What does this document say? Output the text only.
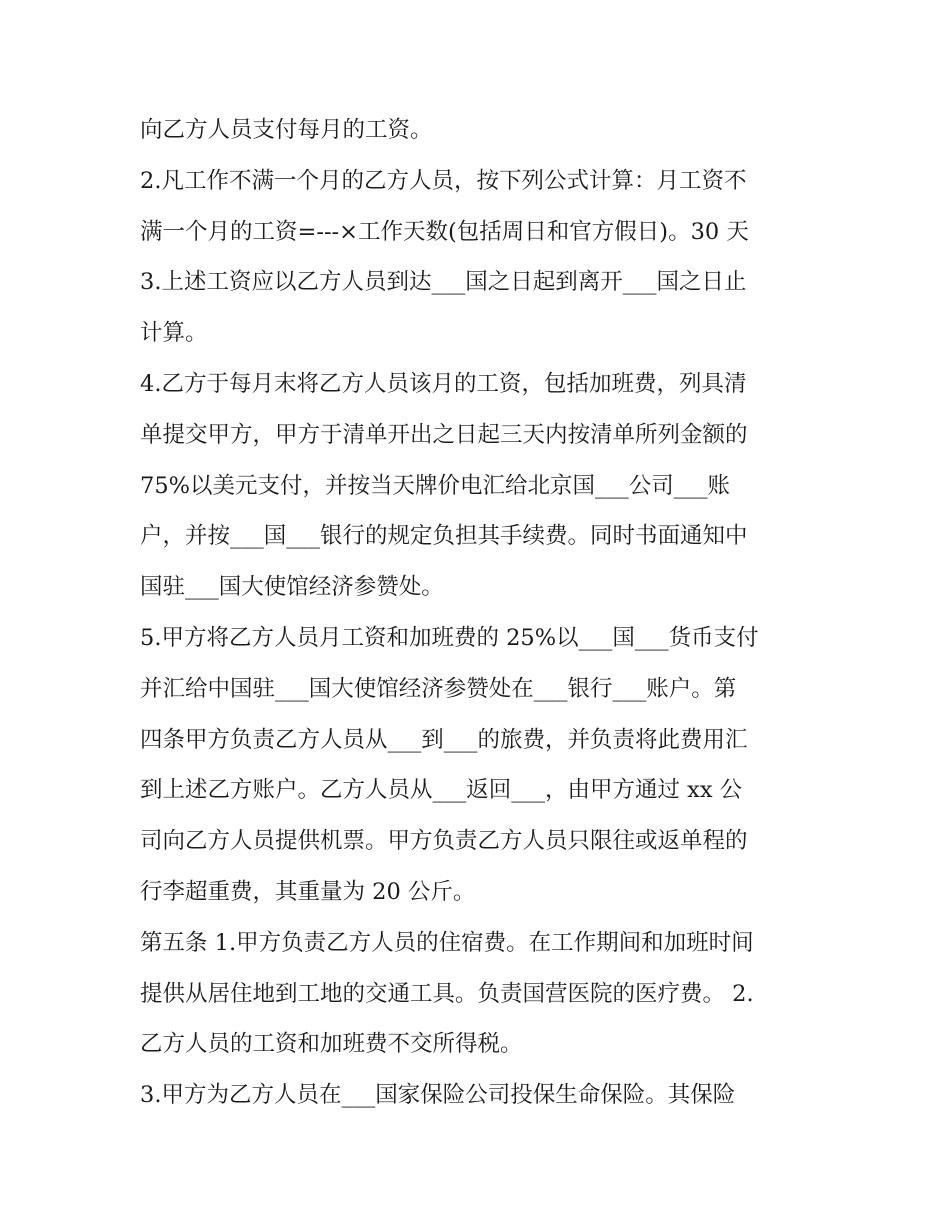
向乙方人员支付每月的工资。
2.凡工作不满一个月的乙方人员，按下列公式计算：月工资不
满一个月的工资=---×工作天数(包括周日和官方假日)。30 天
3.上述工资应以乙方人员到达___国之日起到离开___国之日止
计算。
4.乙方于每月末将乙方人员该月的工资，包括加班费，列具清
单提交甲方，甲方于清单开出之日起三天内按清单所列金额的
75%以美元支付，并按当天牌价电汇给北京国___公司___账
户，并按___国___银行的规定负担其手续费。同时书面通知中
国驻___国大使馆经济参赞处。
5.甲方将乙方人员月工资和加班费的 25%以___国___货币支付
并汇给中国驻___国大使馆经济参赞处在___银行___账户。第
四条甲方负责乙方人员从___到___的旅费，并负责将此费用汇
到上述乙方账户。乙方人员从___返回___，由甲方通过 xx 公
司向乙方人员提供机票。甲方负责乙方人员只限往或返单程的
行李超重费，其重量为 20 公斤。
第五条 1.甲方负责乙方人员的住宿费。在工作期间和加班时间
提供从居住地到工地的交通工具。负责国营医院的医疗费。 2.
乙方人员的工资和加班费不交所得税。
3.甲方为乙方人员在___国家保险公司投保生命保险。其保险
